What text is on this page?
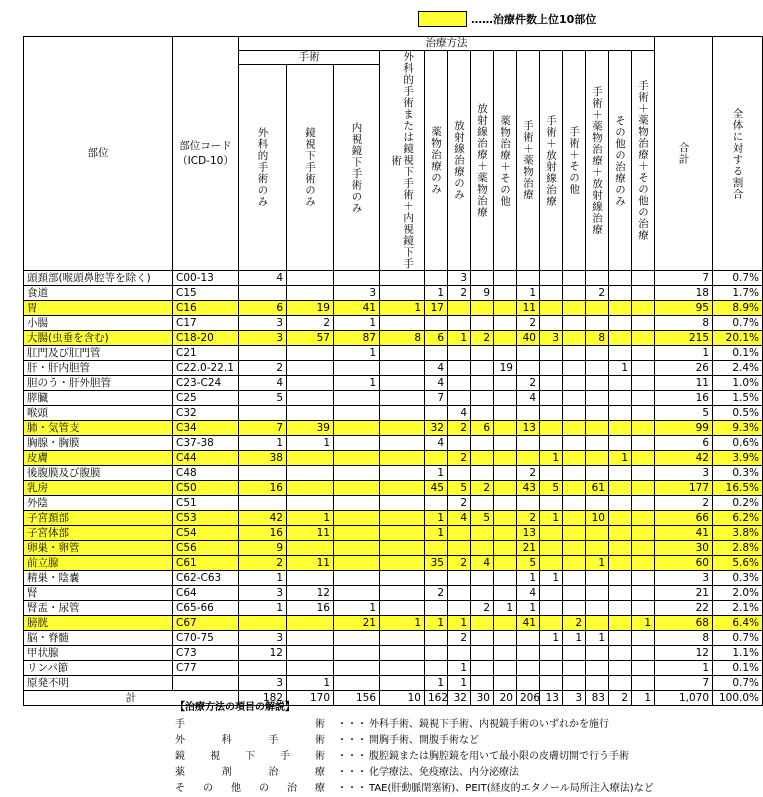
‥‥‥治療件数上位10部位
部位	部位コード（ICD-10）	治療方法														合計	全体に対する割合

		手術			外科的手術または鏡視下手術＋内視鏡下手術	薬物治療のみ	放射線治療のみ	放射線治療＋薬物治療	薬物治療＋その他	手術＋薬物治療	手術＋放射線治療	手術＋その他	手術＋薬物治療＋放射線治療	その他の治療のみ	手術＋薬物治療＋その他の治療		

		外科的手術のみ	鏡視下手術のみ	内視鏡下手術のみ													

頭頚部(喉頭鼻腔等を除く)	C00-13	4					3									7	0.7%
食道	C15			3		1	2	9		1			2			18	1.7%
胃	C16	6	19	41	1	17				11						95	8.9%
小腸	C17	3	2	1						2						8	0.7%
大腸(虫垂を含む)	C18-20	3	57	87	8	6	1	2		40	3		8			215	20.1%
肛門及び肛門管	C21			1												1	0.1%
肝・肝内胆管	C22.0-22.1	2				4			19					1		26	2.4%
胆のう・肝外胆管	C23-C24	4		1		4				2						11	1.0%
膵臓	C25	5				7				4						16	1.5%
喉頭	C32						4									5	0.5%
肺・気管支	C34	7	39			32	2	6		13						99	9.3%
胸腺・胸膜	C37-38	1	1			4										6	0.6%
皮膚	C44	38					2				1			1		42	3.9%
後腹膜及び腹膜	C48					1				2						3	0.3%
乳房	C50	16				45	5	2		43	5		61			177	16.5%
外陰	C51						2									2	0.2%
子宮頚部	C53	42	1			1	4	5		2	1		10			66	6.2%
子宮体部	C54	16	11			1				13						41	3.8%
卵巣・卵管	C56	9								21						30	2.8%
前立腺	C61	2	11			35	2	4		5			1			60	5.6%
精巣・陰嚢	C62-C63	1								1	1					3	0.3%
腎	C64	3	12			2				4						21	2.0%
腎盂・尿管	C65-66	1	16	1				2	1	1						22	2.1%
膀胱	C67			21	1	1	1			41		2			1	68	6.4%
脳・脊髄	C70-75	3					2				1	1	1			8	0.7%
甲状腺	C73	12														12	1.1%
リンパ節	C77						1									1	0.1%
原発不明		3	1			1	1									7	0.7%
計		182	170	156	10	162	32	30	20	206	13	3	83	2	1	1,070	100.0%
【治療方法の項目の解説】
手	術 ・・・ 外科手術、鏡視下手術、内視鏡手術のいずれかを施行
外	科	手	術 ・・・ 開胸手術、開腹手術など
鏡	視	下	手	術 ・・・ 腹腔鏡または胸腔鏡を用いて最小限の皮膚切開で行う手術
薬	剤	治	療 ・・・ 化学療法、免疫療法、内分泌療法
そ の 他 の 治 療 ・・・ TAE(肝動脈閉塞術)、PEIT(経皮的エタノール局所注入療法)など
